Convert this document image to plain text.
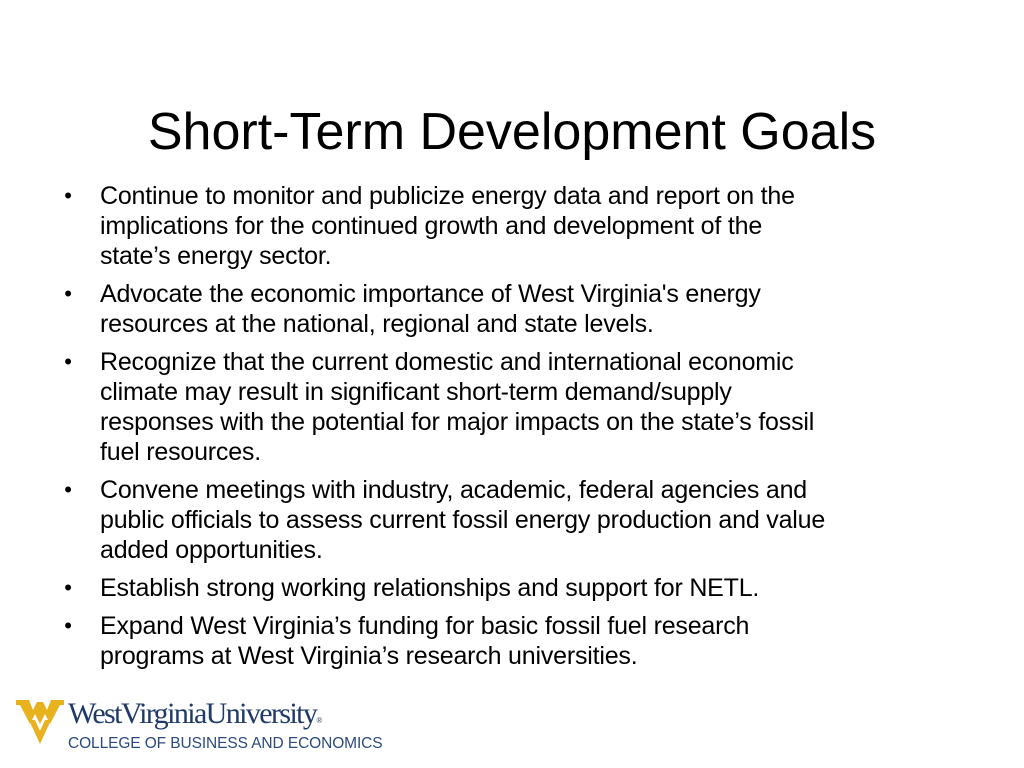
Short-Term Development Goals
• Continue to monitor and publicize energy data and report on the
implications for the continued growth and development of the
state’s energy sector.
• Advocate the economic importance of West Virginia's energy
resources at the national, regional and state levels.
• Recognize that the current domestic and international economic
climate may result in significant short-term demand/supply
responses with the potential for major impacts on the state’s fossil
fuel resources.
• Convene meetings with industry, academic, federal agencies and
public officials to assess current fossil energy production and value
added opportunities.
• Establish strong working relationships and support for NETL.
• Expand West Virginia’s funding for basic fossil fuel research
programs at West Virginia’s research universities.
WestVirginiaUniversity®
COLLEGE OF BUSINESS AND ECONOMICS
